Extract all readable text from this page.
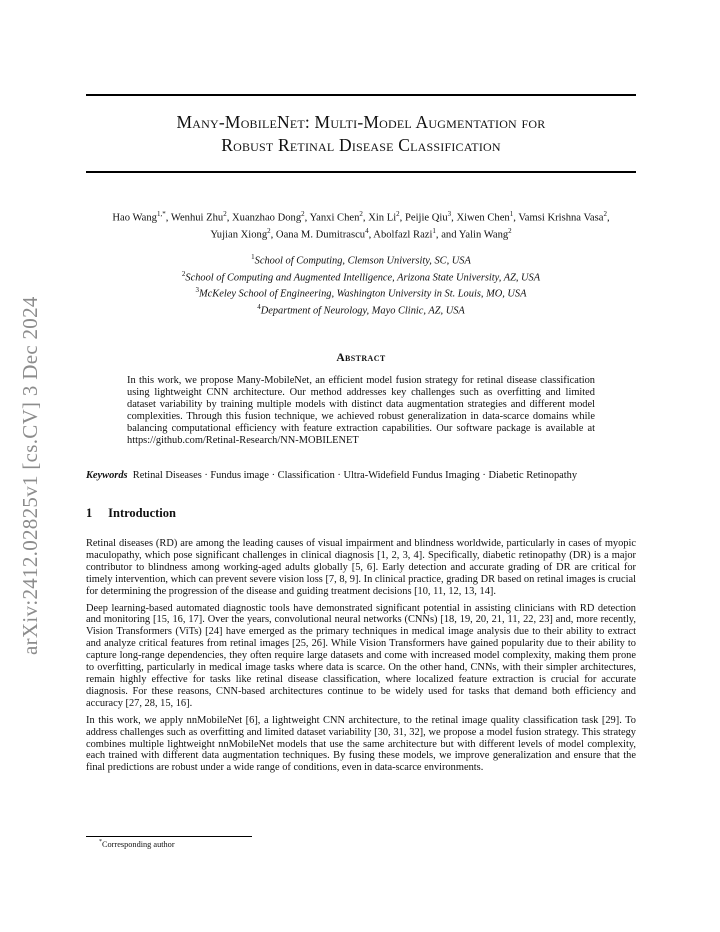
arXiv:2412.02825v1 [cs.CV] 3 Dec 2024
Many-MobileNet: Multi-Model Augmentation for
Robust Retinal Disease Classification
Hao Wang$^{1,*}$, Wenhui Zhu$^2$, Xuanzhao Dong$^2$, Yanxi Chen$^2$, Xin Li$^2$, Peijie Qiu$^3$, Xiwen Chen$^1$, Vamsi Krishna Vasa$^2$,
Yujian Xiong$^2$, Oana M. Dumitrascu$^4$, Abolfazl Razi$^1$, and Yalin Wang$^2$
$^1$School of Computing, Clemson University, SC, USA
$^2$School of Computing and Augmented Intelligence, Arizona State University, AZ, USA
$^3$McKeley School of Engineering, Washington University in St. Louis, MO, USA
$^4$Department of Neurology, Mayo Clinic, AZ, USA
Abstract
In this work, we propose Many-MobileNet, an efficient model fusion strategy for retinal disease classification using lightweight CNN architecture. Our method addresses key challenges such as overfitting and limited dataset variability by training multiple models with distinct data augmentation strategies and different model complexities. Through this fusion technique, we achieved robust generalization in data-scarce domains while balancing computational efficiency with feature extraction capabilities. Our software package is available at https://github.com/Retinal-Research/NN-MOBILENET
Keywords Retinal Diseases · Fundus image · Classification · Ultra-Widefield Fundus Imaging · Diabetic Retinopathy
1 Introduction

Retinal diseases (RD) are among the leading causes of visual impairment and blindness worldwide, particularly in cases of myopic maculopathy, which pose significant challenges in clinical diagnosis [1, 2, 3, 4]. Specifically, diabetic retinopathy (DR) is a major contributor to blindness among working-aged adults globally [5, 6]. Early detection and accurate grading of DR are critical for timely intervention, which can prevent severe vision loss [7, 8, 9]. In clinical practice, grading DR based on retinal images is crucial for determining the progression of the disease and guiding treatment decisions [10, 11, 12, 13, 14].

Deep learning-based automated diagnostic tools have demonstrated significant potential in assisting clinicians with RD detection and monitoring [15, 16, 17]. Over the years, convolutional neural networks (CNNs) [18, 19, 20, 21, 11, 22, 23] and, more recently, Vision Transformers (ViTs) [24] have emerged as the primary techniques in medical image analysis due to their ability to extract and analyze critical features from retinal images [25, 26]. While Vision Transformers have gained popularity due to their ability to capture long-range dependencies, they often require large datasets and come with increased model complexity, making them prone to overfitting, particularly in medical image tasks where data is scarce. On the other hand, CNNs, with their simpler architectures, remain highly effective for tasks like retinal disease classification, where localized feature extraction is crucial for accurate diagnosis. For these reasons, CNN-based architectures continue to be widely used for tasks that demand both efficiency and accuracy [27, 28, 15, 16].

In this work, we apply nnMobileNet [6], a lightweight CNN architecture, to the retinal image quality classification task [29]. To address challenges such as overfitting and limited dataset variability [30, 31, 32], we propose a model fusion strategy. This strategy combines multiple lightweight nnMobileNet models that use the same architecture but with different levels of model complexity, each trained with different data augmentation techniques. By fusing these models, we improve generalization and ensure that the final predictions are robust under a wide range of conditions, even in data-scarce environments.

*Corresponding author
